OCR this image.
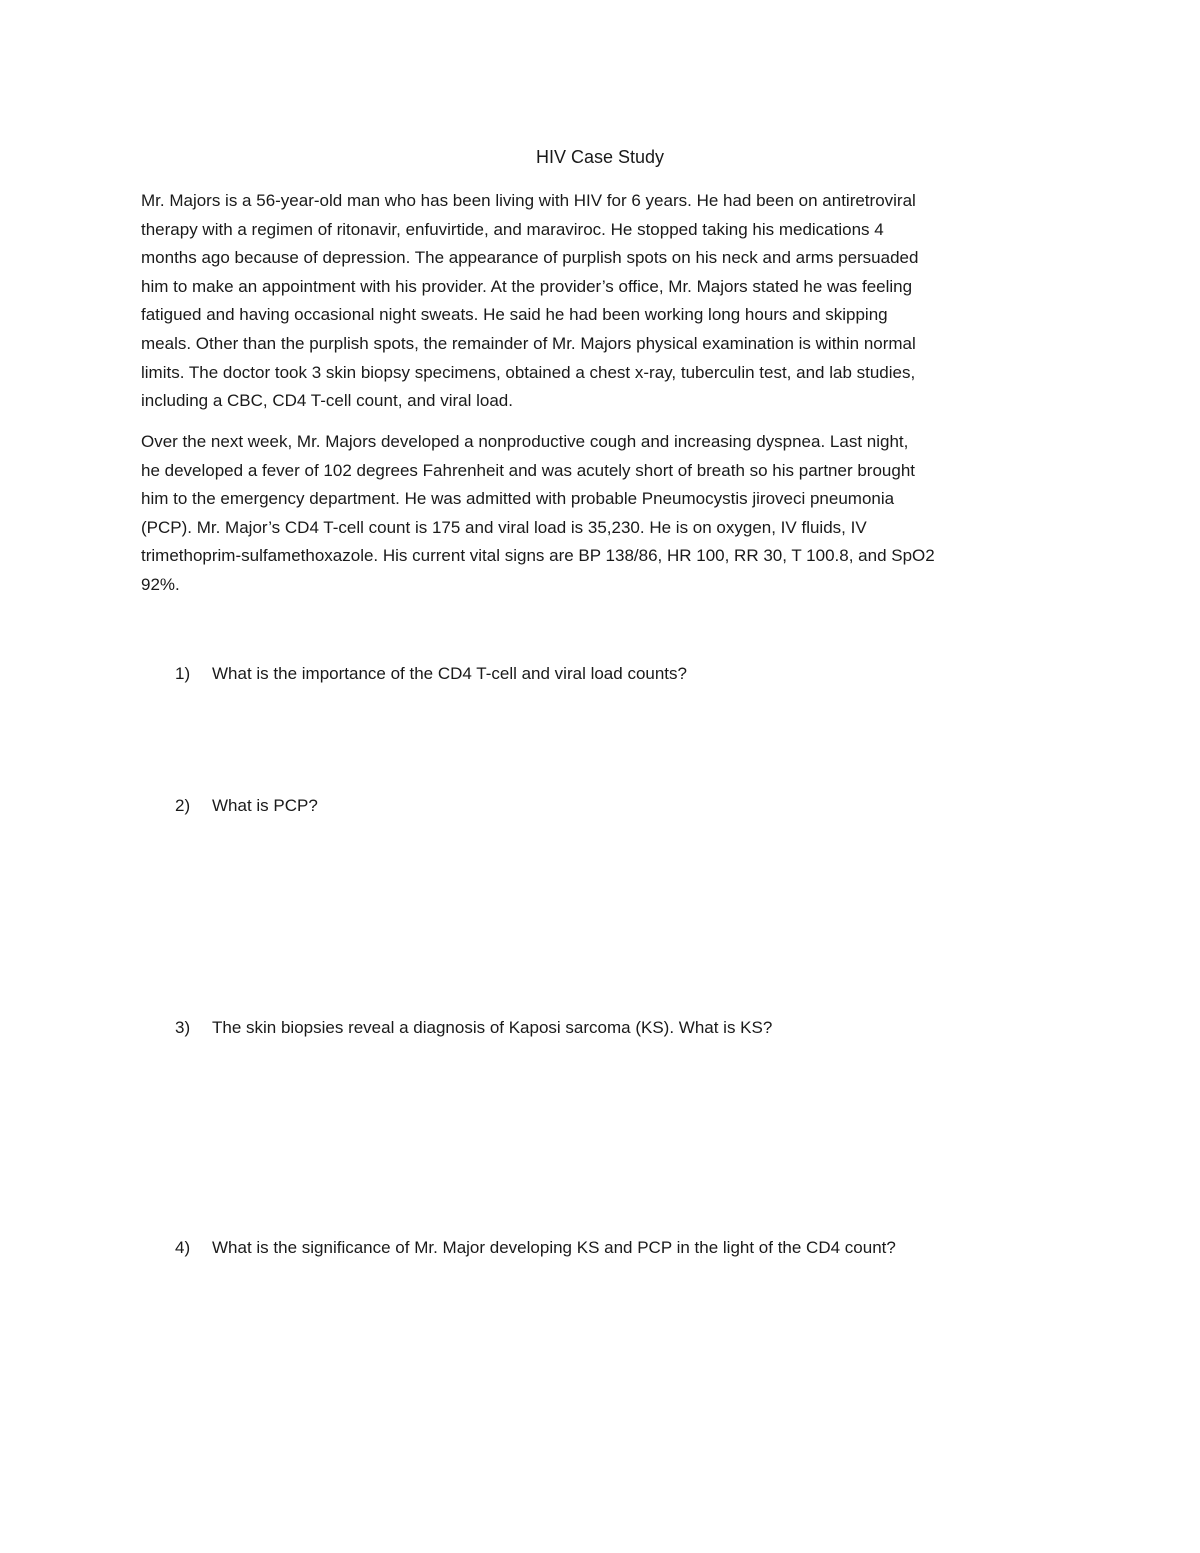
HIV Case Study

Mr. Majors is a 56-year-old man who has been living with HIV for 6 years. He had been on antiretroviral
therapy with a regimen of ritonavir, enfuvirtide, and maraviroc. He stopped taking his medications 4
months ago because of depression. The appearance of purplish spots on his neck and arms persuaded
him to make an appointment with his provider. At the provider’s office, Mr. Majors stated he was feeling
fatigued and having occasional night sweats. He said he had been working long hours and skipping
meals. Other than the purplish spots, the remainder of Mr. Majors physical examination is within normal
limits. The doctor took 3 skin biopsy specimens, obtained a chest x-ray, tuberculin test, and lab studies,
including a CBC, CD4 T-cell count, and viral load.

Over the next week, Mr. Majors developed a nonproductive cough and increasing dyspnea. Last night,
he developed a fever of 102 degrees Fahrenheit and was acutely short of breath so his partner brought
him to the emergency department. He was admitted with probable Pneumocystis jiroveci pneumonia
(PCP). Mr. Major’s CD4 T-cell count is 175 and viral load is 35,230. He is on oxygen, IV fluids, IV
trimethoprim-sulfamethoxazole. His current vital signs are BP 138/86, HR 100, RR 30, T 100.8, and SpO2
92%.

1) What is the importance of the CD4 T-cell and viral load counts?
2) What is PCP?
3) The skin biopsies reveal a diagnosis of Kaposi sarcoma (KS). What is KS?
4) What is the significance of Mr. Major developing KS and PCP in the light of the CD4 count?
